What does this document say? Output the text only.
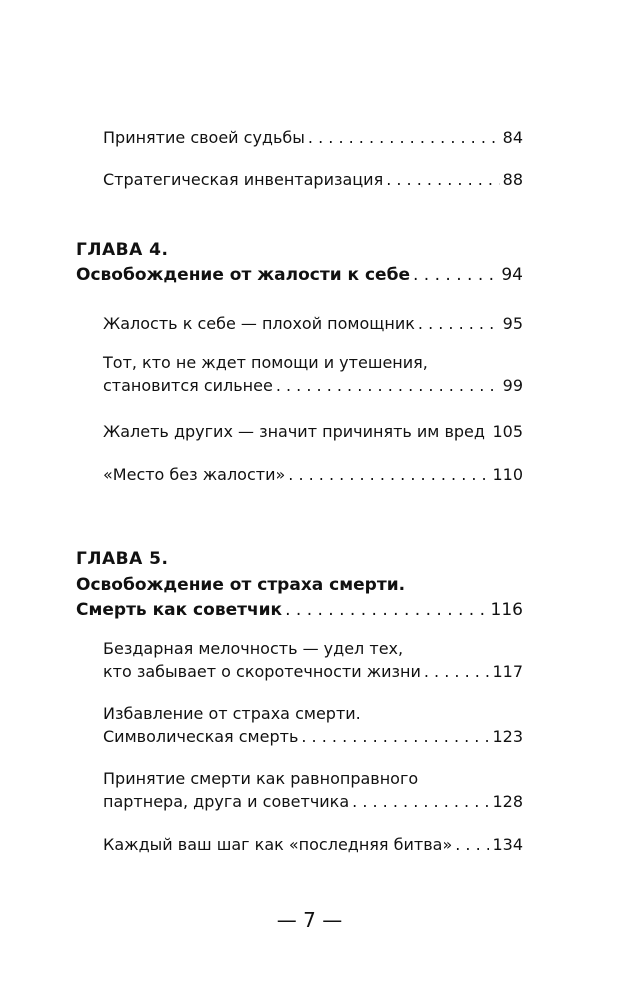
Принятие своей судьбы . . .	84
Стратегическая инвентаризация . . .	88
ГЛАВА 4.
Освобождение от жалости к себе . . .	94
Жалость к себе — плохой помощник . . .	95
Тот, кто не ждет помощи и утешения,
становится сильнее . . .	99
Жалеть других — значит причинять им вред . . . 105
«Место без жалости» . . .	110
ГЛАВА 5.
Освобождение от страха смерти.
Смерть как советчик . . .	116
Бездарная мелочность — удел тех,
кто забывает о скоротечности жизни . . .	117
Избавление от страха смерти.
Символическая смерть . . .	123
Принятие смерти как равноправного
партнера, друга и советчика . . .	128
Каждый ваш шаг как «последняя битва» . . .	134
— 7 —
